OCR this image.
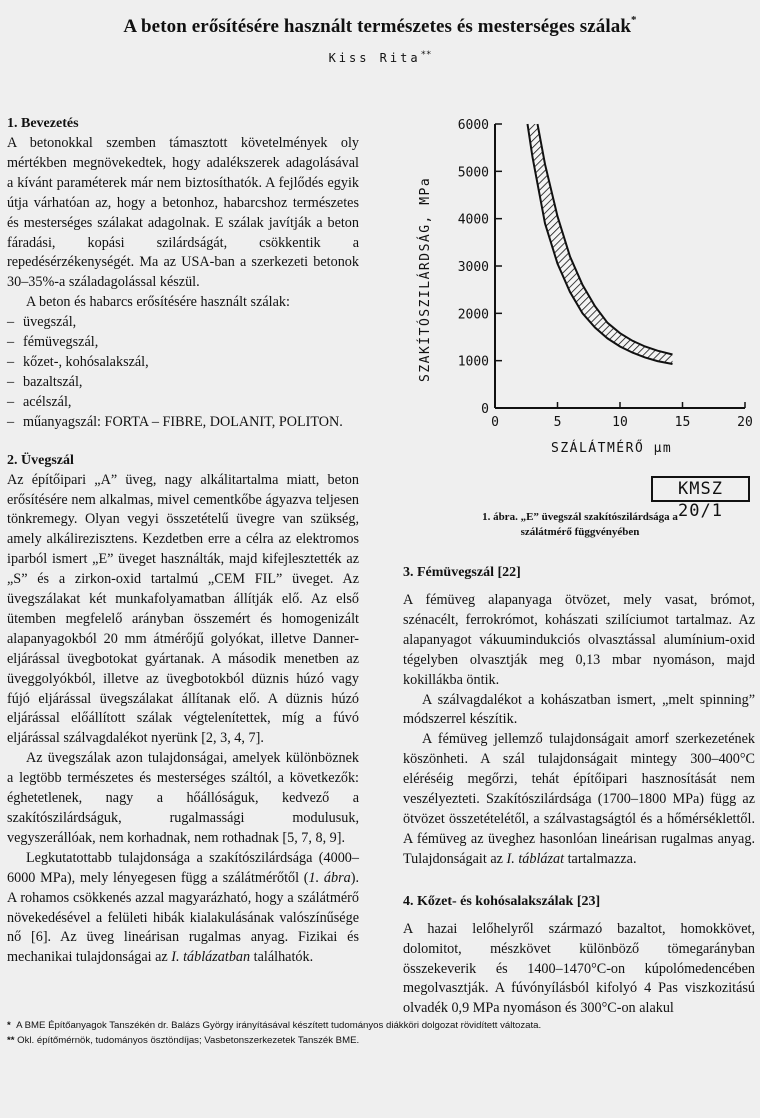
A beton erősítésére használt természetes és mesterséges szálak*
Kiss Rita**
1. Bevezetés

A betonokkal szemben támasztott követelmények oly mértékben megnövekedtek, hogy adalékszerek adagolásával a kívánt paraméterek már nem biztosíthatók. A fejlődés egyik útja várhatóan az, hogy a betonhoz, habarcshoz természetes és mesterséges szálakat adagolnak. E szálak javítják a beton fáradási, kopási szilárdságát, csökkentik a repedésérzékenységét. Ma az USA-ban a szerkezeti betonok 30–35%-a száladagolással készül.

A beton és habarcs erősítésére használt szálak:

– üvegszál,
– fémüvegszál,
– kőzet-, kohósalakszál,
– bazaltszál,
– acélszál,
– műanyagszál: FORTA – FIBRE, DOLANIT, POLITON.
2. Üvegszál

Az építőipari „A” üveg, nagy alkálitartalma miatt, beton erősítésére nem alkalmas, mivel cementkőbe ágyazva teljesen tönkremegy. Olyan vegyi összetételű üvegre van szükség, amely alkálirezisztens. Kezdetben erre a célra az elektromos iparból ismert „E” üveget használták, majd kifejlesztették az „S” és a zirkon-oxid tartalmú „CEM FIL” üveget. Az üvegszálakat két munkafolyamatban állítják elő. Az első ütemben megfelelő arányban összemért és homogenizált alapanyagokból 20 mm átmérőjű golyókat, illetve Danner-eljárással üvegbotokat gyártanak. A második menetben az üveggolyókból, illetve az üvegbotokból düznis húzó vagy fújó eljárással üvegszálakat állítanak elő. A düznis húzó eljárással előállított szálak végtelenítettek, míg a fúvó eljárással szálvagdalékot nyerünk [2, 3, 4, 7].

Az üvegszálak azon tulajdonságai, amelyek különböznek a legtöbb természetes és mesterséges száltól, a következők: éghetetlenek, nagy a hőállóságuk, kedvező a szakítószilárdságuk, rugalmassági modulusuk, vegyszerállóak, nem korhadnak, nem rothadnak [5, 7, 8, 9].

Legkutatottabb tulajdonsága a szakítószilárdsága (4000–6000 MPa), mely lényegesen függ a szálátmérőtől (1. ábra). A rohamos csökkenés azzal magyarázható, hogy a szálátmérő növekedésével a felületi hibák kialakulásának valószínűsége nő [6]. Az üveg lineárisan rugalmas anyag. Fizikai és mechanikai tulajdonságai az I. táblázatban találhatók.

0
1000
2000
3000
4000
5000
6000
0	5	10	15	20
SZAKÍTÓSZILÁRDSÁG, MPa
SZÁLÁTMÉRŐ µm
KMSZ 20/1
1. ábra. „E” üvegszál szakítószilárdsága a
szálátmérő függvényében
3. Fémüvegszál [22]

A fémüveg alapanyaga ötvözet, mely vasat, brómot, szénacélt, ferrokrómot, kohászati szilíciumot tartalmaz. Az alapanyagot vákuumindukciós olvasztással alumínium-oxid tégelyben olvasztják meg 0,13 mbar nyomáson, majd kokillákba öntik.

A szálvagdalékot a kohászatban ismert, „melt spinning” módszerrel készítik.

A fémüveg jellemző tulajdonságait amorf szerkezetének köszönheti. A szál tulajdonságait mintegy 300–400°C eléréséig megőrzi, tehát építőipari hasznosítását nem veszélyezteti. Szakítószilárdsága (1700–1800 MPa) függ az ötvözet összetételétől, a szálvastagságtól és a hőmérséklettől. A fémüveg az üveghez hasonlóan lineárisan rugalmas anyag. Tulajdonságait az I. táblázat tartalmazza.

4. Kőzet- és kohósalakszálak [23]

A hazai lelőhelyről származó bazaltot, homokkövet, dolomitot, mészkövet különböző tömegarányban összekeverik és 1400–1470°C-on kúpolómedencében megolvasztják. A fúvónyílásból kifolyó 4 Pas viszkozitású olvadék 0,9 MPa nyomáson és 300°C-on alakul

* A BME Építőanyagok Tanszékén dr. Balázs György irányításával készített tudományos diákköri dolgozat rövidített változata.

** Okl. építőmérnök, tudományos ösztöndíjas; Vasbetonszerkezetek Tanszék BME.
